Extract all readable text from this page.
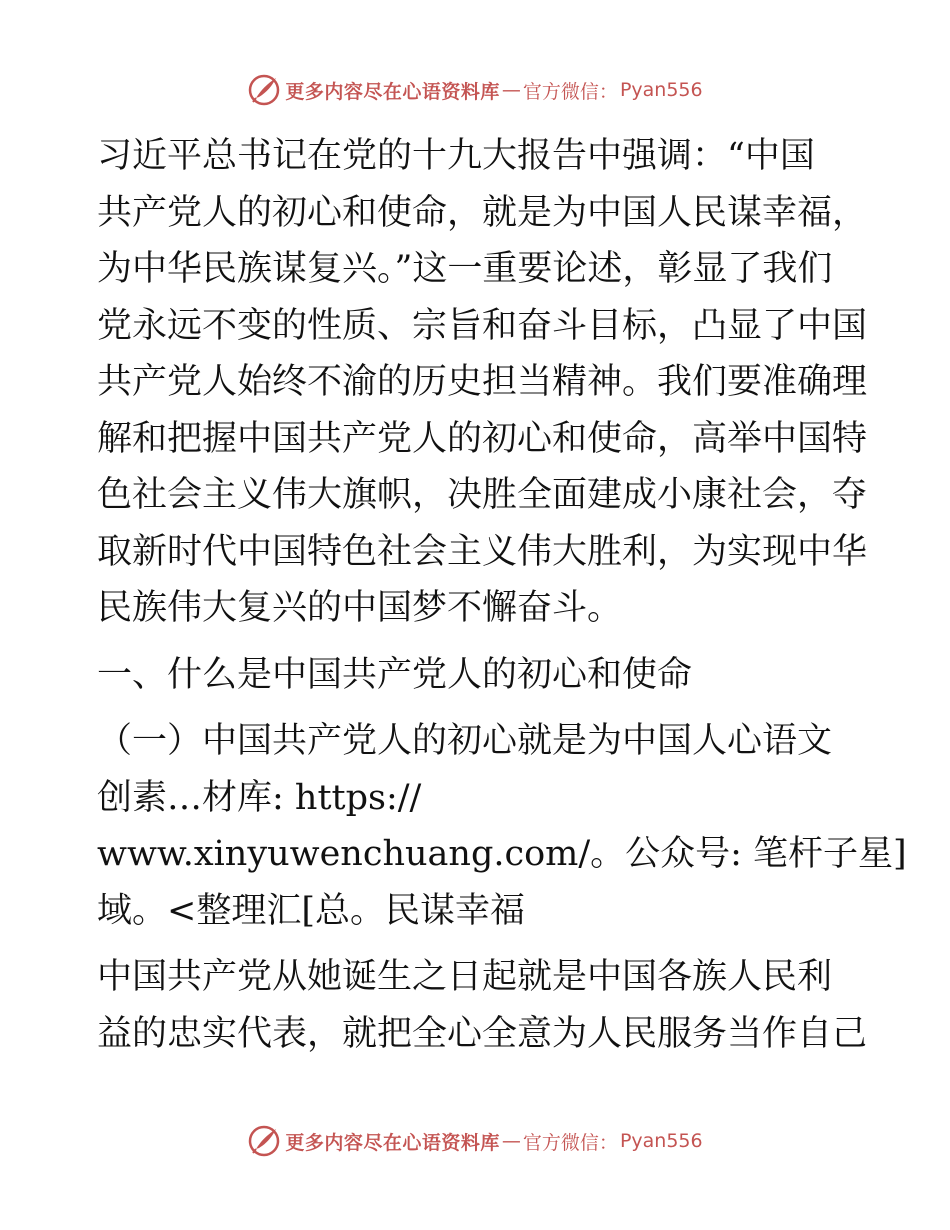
更多内容尽在心语资料库 — 官方微信： Pyan556

习近平总书记在党的十九大报告中强调：“中国
共产党人的初心和使命，就是为中国人民谋幸福，
为中华民族谋复兴。”这一重要论述，彰显了我们
党永远不变的性质、宗旨和奋斗目标，凸显了中国
共产党人始终不渝的历史担当精神。我们要准确理
解和把握中国共产党人的初心和使命，高举中国特
色社会主义伟大旗帜，决胜全面建成小康社会，夺
取新时代中国特色社会主义伟大胜利，为实现中华
民族伟大复兴的中国梦不懈奋斗。

一、什么是中国共产党人的初心和使命

（一）中国共产党人的初心就是为中国人心语文
创素…材库: https://
www.xinyuwenchuang.com/。公众号: 笔杆子星]
域。<整理汇[总。民谋幸福

中国共产党从她诞生之日起就是中国各族人民利
益的忠实代表，就把全心全意为人民服务当作自己

更多内容尽在心语资料库 — 官方微信： Pyan556
